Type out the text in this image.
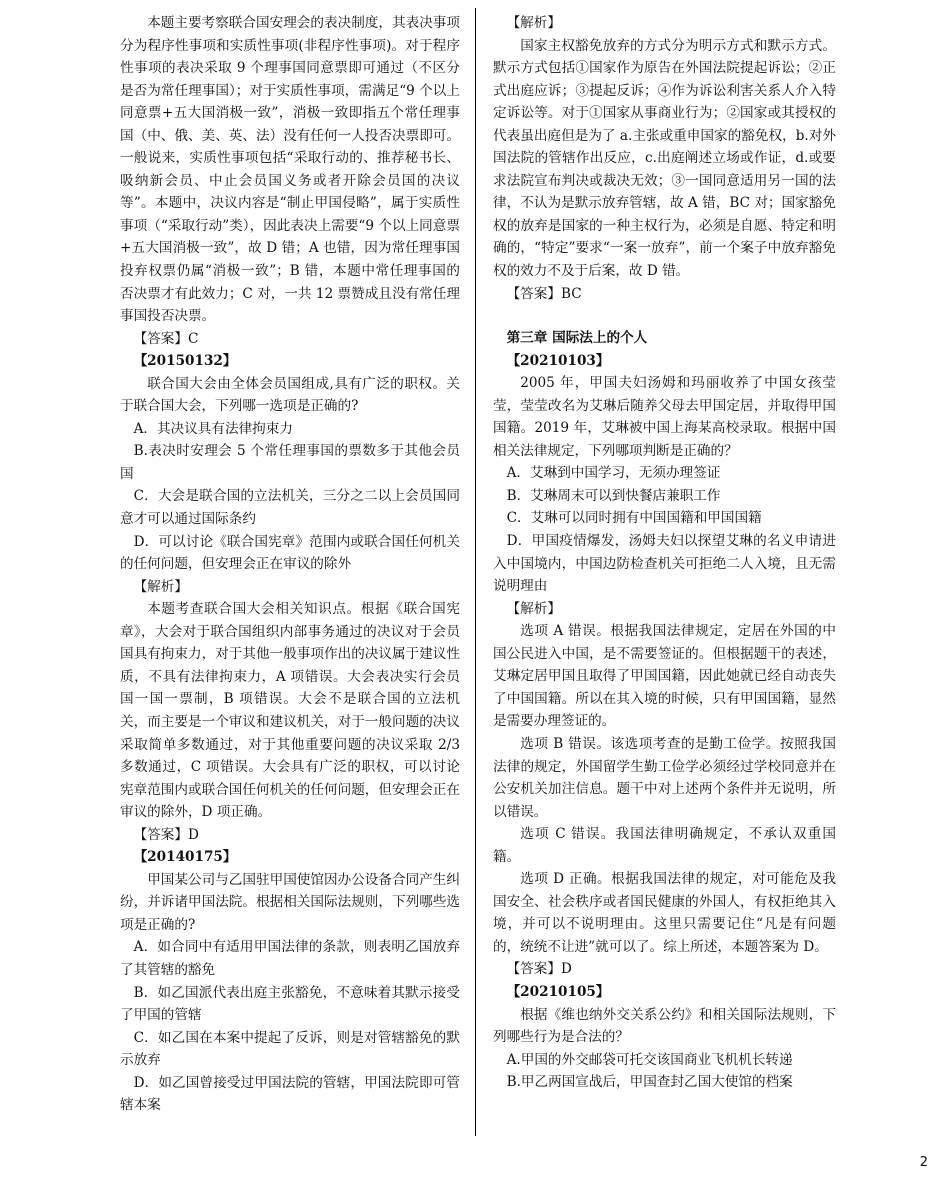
本题主要考察联合国安理会的表决制度，其表决事项分为程序性事项和实质性事项(非程序性事项)。对于程序性事项的表决采取 9 个理事国同意票即可通过（不区分是否为常任理事国）；对于实质性事项，需满足“9 个以上同意票+五大国消极一致”，消极一致即指五个常任理事国（中、俄、美、英、法）没有任何一人投否决票即可。一般说来，实质性事项包括“采取行动的、推荐秘书长、吸纳新会员、中止会员国义务或者开除会员国的决议等”。本题中，决议内容是“制止甲国侵略”，属于实质性事项（“采取行动”类），因此表决上需要“9 个以上同意票+五大国消极一致”，故 D 错；A 也错，因为常任理事国投弃权票仍属“消极一致”；B 错，本题中常任理事国的否决票才有此效力；C 对，一共 12 票赞成且没有常任理事国投否决票。

【答案】C

【20150132】

联合国大会由全体会员国组成,具有广泛的职权。关于联合国大会，下列哪一选项是正确的?

A．其决议具有法律拘束力

B.表决时安理会 5 个常任理事国的票数多于其他会员国

C．大会是联合国的立法机关，三分之二以上会员国同意才可以通过国际条约

D．可以讨论《联合国宪章》范围内或联合国任何机关的任何问题，但安理会正在审议的除外

【解析】

本题考查联合国大会相关知识点。根据《联合国宪章》，大会对于联合国组织内部事务通过的决议对于会员国具有拘束力，对于其他一般事项作出的决议属于建议性质，不具有法律拘束力，A 项错误。大会表决实行会员国一国一票制，B 项错误。大会不是联合国的立法机关，而主要是一个审议和建议机关，对于一般问题的决议采取简单多数通过，对于其他重要问题的决议采取 2/3 多数通过，C 项错误。大会具有广泛的职权，可以讨论宪章范围内或联合国任何机关的任何问题，但安理会正在审议的除外，D 项正确。

【答案】D

【20140175】

甲国某公司与乙国驻甲国使馆因办公设备合同产生纠纷，并诉诸甲国法院。根据相关国际法规则，下列哪些选项是正确的?

A．如合同中有适用甲国法律的条款，则表明乙国放弃了其管辖的豁免

B．如乙国派代表出庭主张豁免，不意味着其默示接受了甲国的管辖

C．如乙国在本案中提起了反诉，则是对管辖豁免的默示放弃

D．如乙国曾接受过甲国法院的管辖，甲国法院即可管辖本案

【解析】

国家主权豁免放弃的方式分为明示方式和默示方式。默示方式包括①国家作为原告在外国法院提起诉讼；②正式出庭应诉；③提起反诉；④作为诉讼利害关系人介入特定诉讼等。对于①国家从事商业行为；②国家或其授权的代表虽出庭但是为了 a.主张或重申国家的豁免权，b.对外国法院的管辖作出反应，c.出庭阐述立场或作证，d.或要求法院宣布判决或裁决无效；③一国同意适用另一国的法律，不认为是默示放弃管辖，故 A 错，BC 对；国家豁免权的放弃是国家的一种主权行为，必须是自愿、特定和明确的，“特定”要求“一案一放弃”，前一个案子中放弃豁免权的效力不及于后案，故 D 错。

【答案】BC

第三章 国际法上的个人

【20210103】

2005 年，甲国夫妇汤姆和玛丽收养了中国女孩莹莹，莹莹改名为艾琳后随养父母去甲国定居，并取得甲国国籍。2019 年，艾琳被中国上海某高校录取。根据中国相关法律规定，下列哪项判断是正确的？

A．艾琳到中国学习，无须办理签证

B．艾琳周末可以到快餐店兼职工作

C．艾琳可以同时拥有中国国籍和甲国国籍

D．甲国疫情爆发，汤姆夫妇以探望艾琳的名义申请进入中国境内，中国边防检查机关可拒绝二人入境，且无需说明理由

【解析】

选项 A 错误。根据我国法律规定，定居在外国的中国公民进入中国，是不需要签证的。但根据题干的表述，艾琳定居甲国且取得了甲国国籍，因此她就已经自动丧失了中国国籍。所以在其入境的时候，只有甲国国籍，显然是需要办理签证的。

选项 B 错误。该选项考查的是勤工俭学。按照我国法律的规定，外国留学生勤工俭学必须经过学校同意并在公安机关加注信息。题干中对上述两个条件并无说明，所以错误。

选项 C 错误。我国法律明确规定，不承认双重国籍。

选项 D 正确。根据我国法律的规定，对可能危及我国安全、社会秩序或者国民健康的外国人，有权拒绝其入境，并可以不说明理由。这里只需要记住“凡是有问题的，统统不让进”就可以了。综上所述，本题答案为 D。

【答案】D

【20210105】

根据《维也纳外交关系公约》和相关国际法规则，下列哪些行为是合法的？

A.甲国的外交邮袋可托交该国商业飞机机长转递

B.甲乙两国宣战后，甲国查封乙国大使馆的档案

2
